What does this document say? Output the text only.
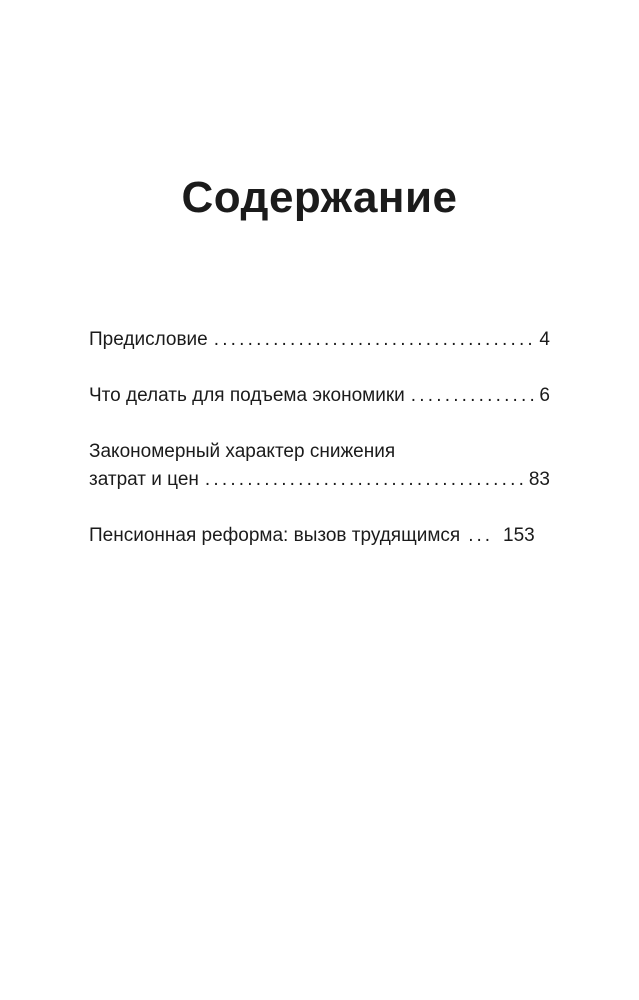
Содержание
Предисловие .....	4
Что делать для подъема экономики .....	6
Закономерный характер снижения
затрат и цен .....	83
Пенсионная реформа: вызов трудящимся ... 153
